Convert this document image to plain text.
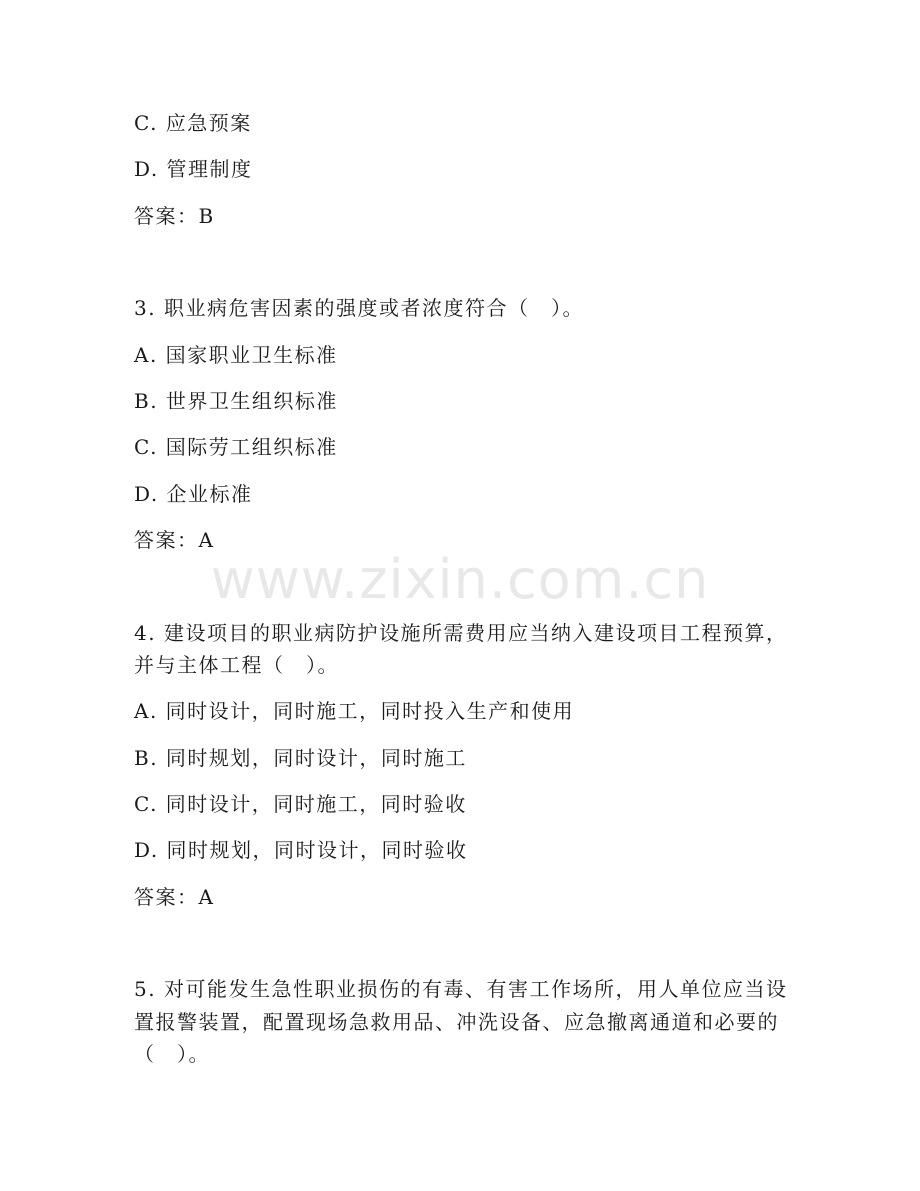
C. 应急预案
D. 管理制度
答案：B
3. 职业病危害因素的强度或者浓度符合（　）。
A. 国家职业卫生标准
B. 世界卫生组织标准
C. 国际劳工组织标准
D. 企业标准
答案：A
4. 建设项目的职业病防护设施所需费用应当纳入建设项目工程预算，
并与主体工程（　）。
A. 同时设计，同时施工，同时投入生产和使用
B. 同时规划，同时设计，同时施工
C. 同时设计，同时施工，同时验收
D. 同时规划，同时设计，同时验收
答案：A
5. 对可能发生急性职业损伤的有毒、有害工作场所，用人单位应当设
置报警装置，配置现场急救用品、冲洗设备、应急撤离通道和必要的
（　）。
www.zixin.com.cn
